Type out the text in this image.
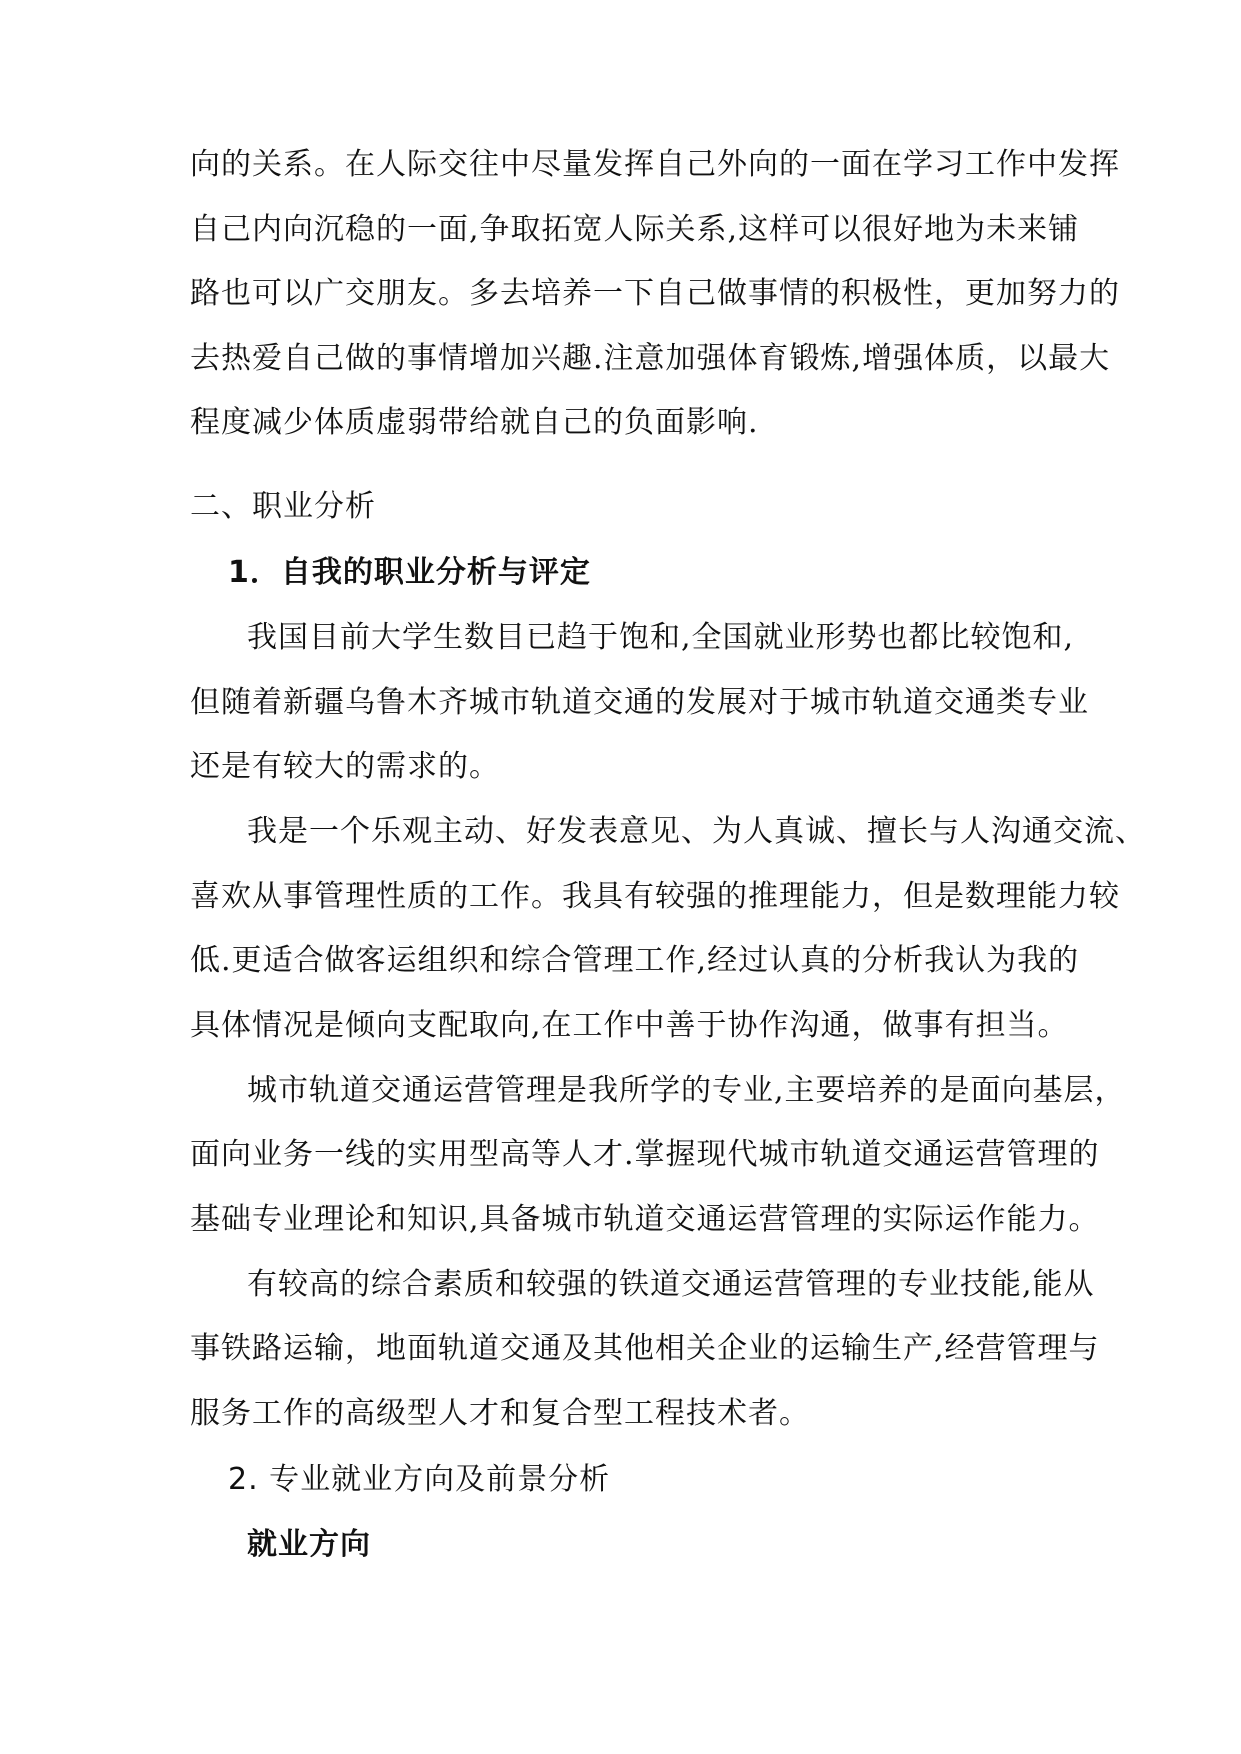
向的关系。在人际交往中尽量发挥自己外向的一面在学习工作中发挥
自己内向沉稳的一面,争取拓宽人际关系,这样可以很好地为未来铺
路也可以广交朋友。多去培养一下自己做事情的积极性，更加努力的
去热爱自己做的事情增加兴趣.注意加强体育锻炼,增强体质，以最大
程度减少体质虚弱带给就自己的负面影响.
二、职业分析
1．自我的职业分析与评定
我国目前大学生数目已趋于饱和,全国就业形势也都比较饱和,
但随着新疆乌鲁木齐城市轨道交通的发展对于城市轨道交通类专业
还是有较大的需求的。
我是一个乐观主动、好发表意见、为人真诚、擅长与人沟通交流、
喜欢从事管理性质的工作。我具有较强的推理能力，但是数理能力较
低.更适合做客运组织和综合管理工作,经过认真的分析我认为我的
具体情况是倾向支配取向,在工作中善于协作沟通，做事有担当。
城市轨道交通运营管理是我所学的专业,主要培养的是面向基层，
面向业务一线的实用型高等人才.掌握现代城市轨道交通运营管理的
基础专业理论和知识,具备城市轨道交通运营管理的实际运作能力。
有较高的综合素质和较强的铁道交通运营管理的专业技能,能从
事铁路运输，地面轨道交通及其他相关企业的运输生产,经营管理与
服务工作的高级型人才和复合型工程技术者。
2. 专业就业方向及前景分析
就业方向
